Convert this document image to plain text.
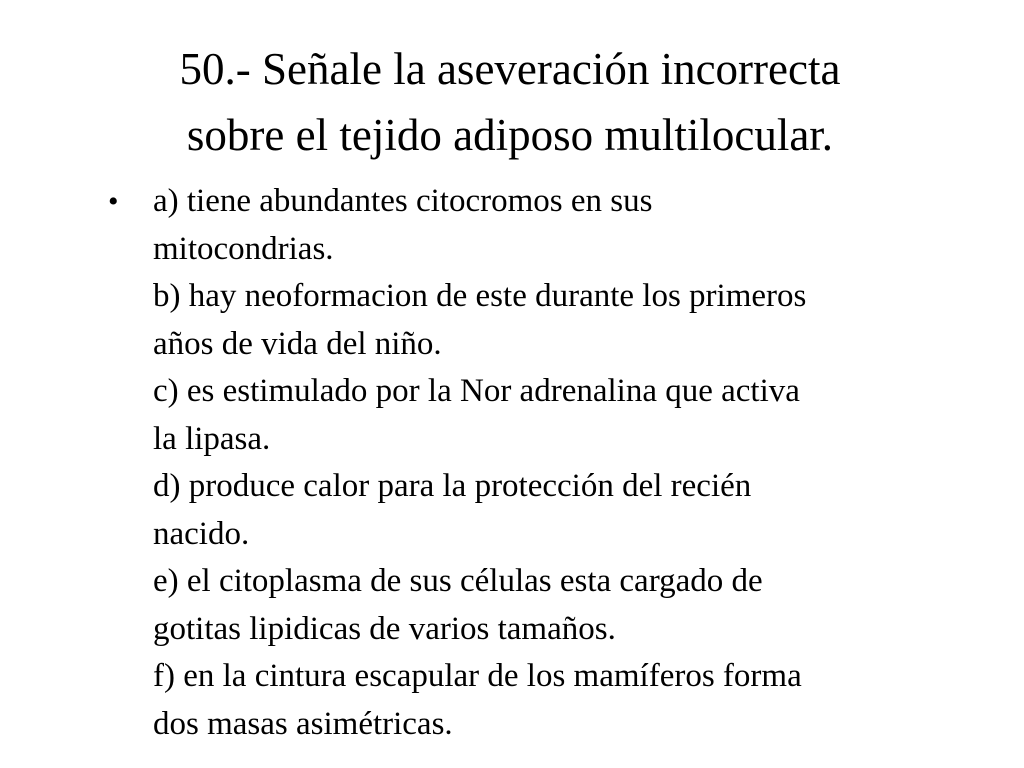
50.- Señale la aseveración incorrecta
sobre el tejido adiposo multilocular.
•	a) tiene abundantes citocromos en sus
mitocondrias.
b) hay neoformacion de este durante los primeros
años de vida del niño.
c) es estimulado por la Nor adrenalina que activa
la lipasa.
d) produce calor para la protección del recién
nacido.
e) el citoplasma de sus células esta cargado de
gotitas lipidicas de varios tamaños.
f) en la cintura escapular de los mamíferos forma
dos masas asimétricas.
